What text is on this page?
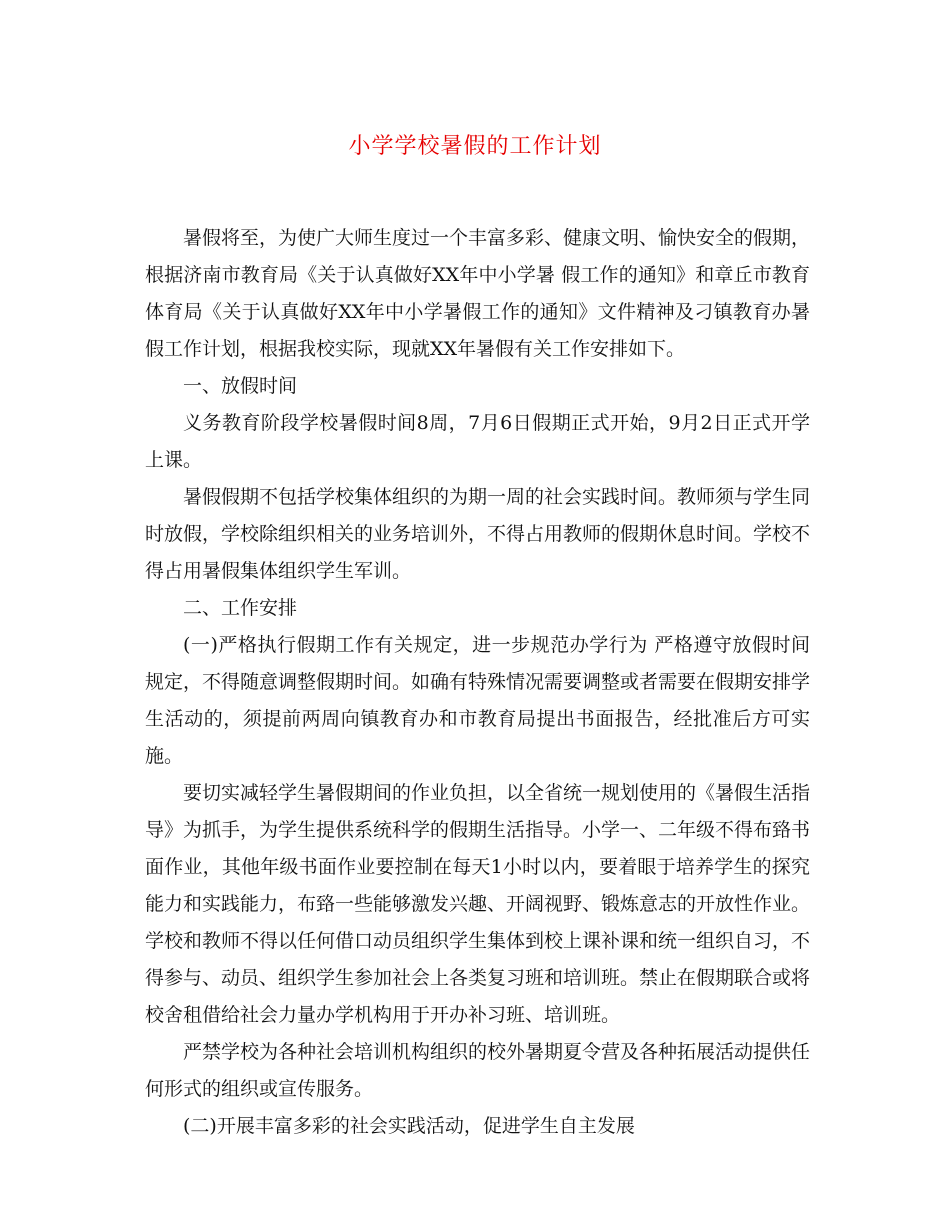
小学学校暑假的工作计划

暑假将至，为使广大师生度过一个丰富多彩、健康文明、愉快安全的假期，根据济南市教育局《关于认真做好XX年中小学暑 假工作的通知》和章丘市教育体育局《关于认真做好XX年中小学暑假工作的通知》文件精神及刁镇教育办暑假工作计划，根据我校实际，现就XX年暑假有关工作安排如下。

一、放假时间

义务教育阶段学校暑假时间8周，7月6日假期正式开始，9月2日正式开学上课。

暑假假期不包括学校集体组织的为期一周的社会实践时间。教师须与学生同时放假，学校除组织相关的业务培训外，不得占用教师的假期休息时间。学校不得占用暑假集体组织学生军训。

二、工作安排

(一)严格执行假期工作有关规定，进一步规范办学行为 严格遵守放假时间规定，不得随意调整假期时间。如确有特殊情况需要调整或者需要在假期安排学生活动的，须提前两周向镇教育办和市教育局提出书面报告，经批准后方可实施。

要切实减轻学生暑假期间的作业负担，以全省统一规划使用的《暑假生活指导》为抓手，为学生提供系统科学的假期生活指导。小学一、二年级不得布臵书面作业，其他年级书面作业要控制在每天1小时以内，要着眼于培养学生的探究能力和实践能力，布臵一些能够激发兴趣、开阔视野、锻炼意志的开放性作业。学校和教师不得以任何借口动员组织学生集体到校上课补课和统一组织自习，不得参与、动员、组织学生参加社会上各类复习班和培训班。禁止在假期联合或将校舍租借给社会力量办学机构用于开办补习班、培训班。

严禁学校为各种社会培训机构组织的校外暑期夏令营及各种拓展活动提供任何形式的组织或宣传服务。

(二)开展丰富多彩的社会实践活动，促进学生自主发展
